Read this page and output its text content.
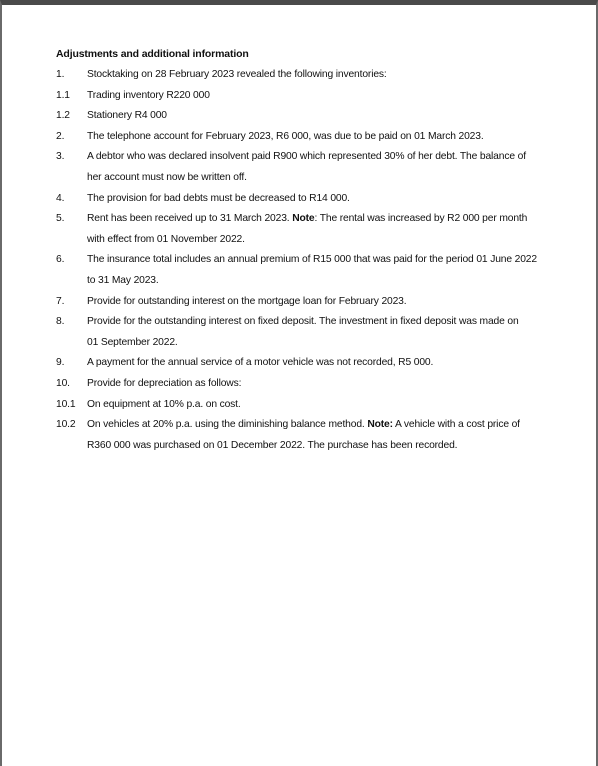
Adjustments and additional information
1.	Stocktaking on 28 February 2023 revealed the following inventories:
1.1	Trading inventory R220 000
1.2	Stationery R4 000
2.	The telephone account for February 2023, R6 000, was due to be paid on 01 March 2023.
3.	A debtor who was declared insolvent paid R900 which represented 30% of her debt. The balance of
her account must now be written off.
4.	The provision for bad debts must be decreased to R14 000.
5.	Rent has been received up to 31 March 2023. Note: The rental was increased by R2 000 per month
with effect from 01 November 2022.
6.	The insurance total includes an annual premium of R15 000 that was paid for the period 01 June 2022
to 31 May 2023.
7.	Provide for outstanding interest on the mortgage loan for February 2023.
8.	Provide for the outstanding interest on fixed deposit. The investment in fixed deposit was made on
01 September 2022.
9.	A payment for the annual service of a motor vehicle was not recorded, R5 000.
10.	Provide for depreciation as follows:
10.1	On equipment at 10% p.a. on cost.
10.2	On vehicles at 20% p.a. using the diminishing balance method. Note: A vehicle with a cost price of
R360 000 was purchased on 01 December 2022. The purchase has been recorded.
